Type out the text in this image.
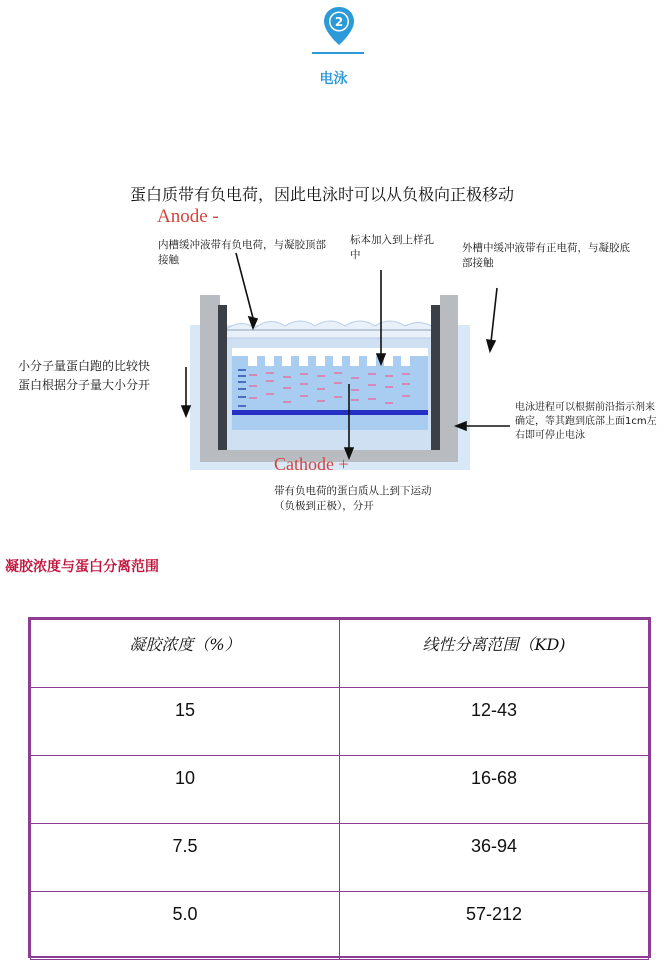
2
电泳
蛋白质带有负电荷，因此电泳时可以从负极向正极移动
Anode -
Cathode +
内槽缓冲液带有负电荷，与凝胶顶部接触
标本加入到上样孔中
外槽中缓冲液带有正电荷，与凝胶底部接触
小分子量蛋白跑的比较快
蛋白根据分子量大小分开
电泳进程可以根据前沿指示剂来确定，等其跑到底部上面1cm左右即可停止电泳
带有负电荷的蛋白质从上到下运动（负极到正极），分开
凝胶浓度与蛋白分离范围
凝胶浓度（%）	线性分离范围（KD)
15	12-43
10	16-68
7.5	36-94
5.0	57-212
